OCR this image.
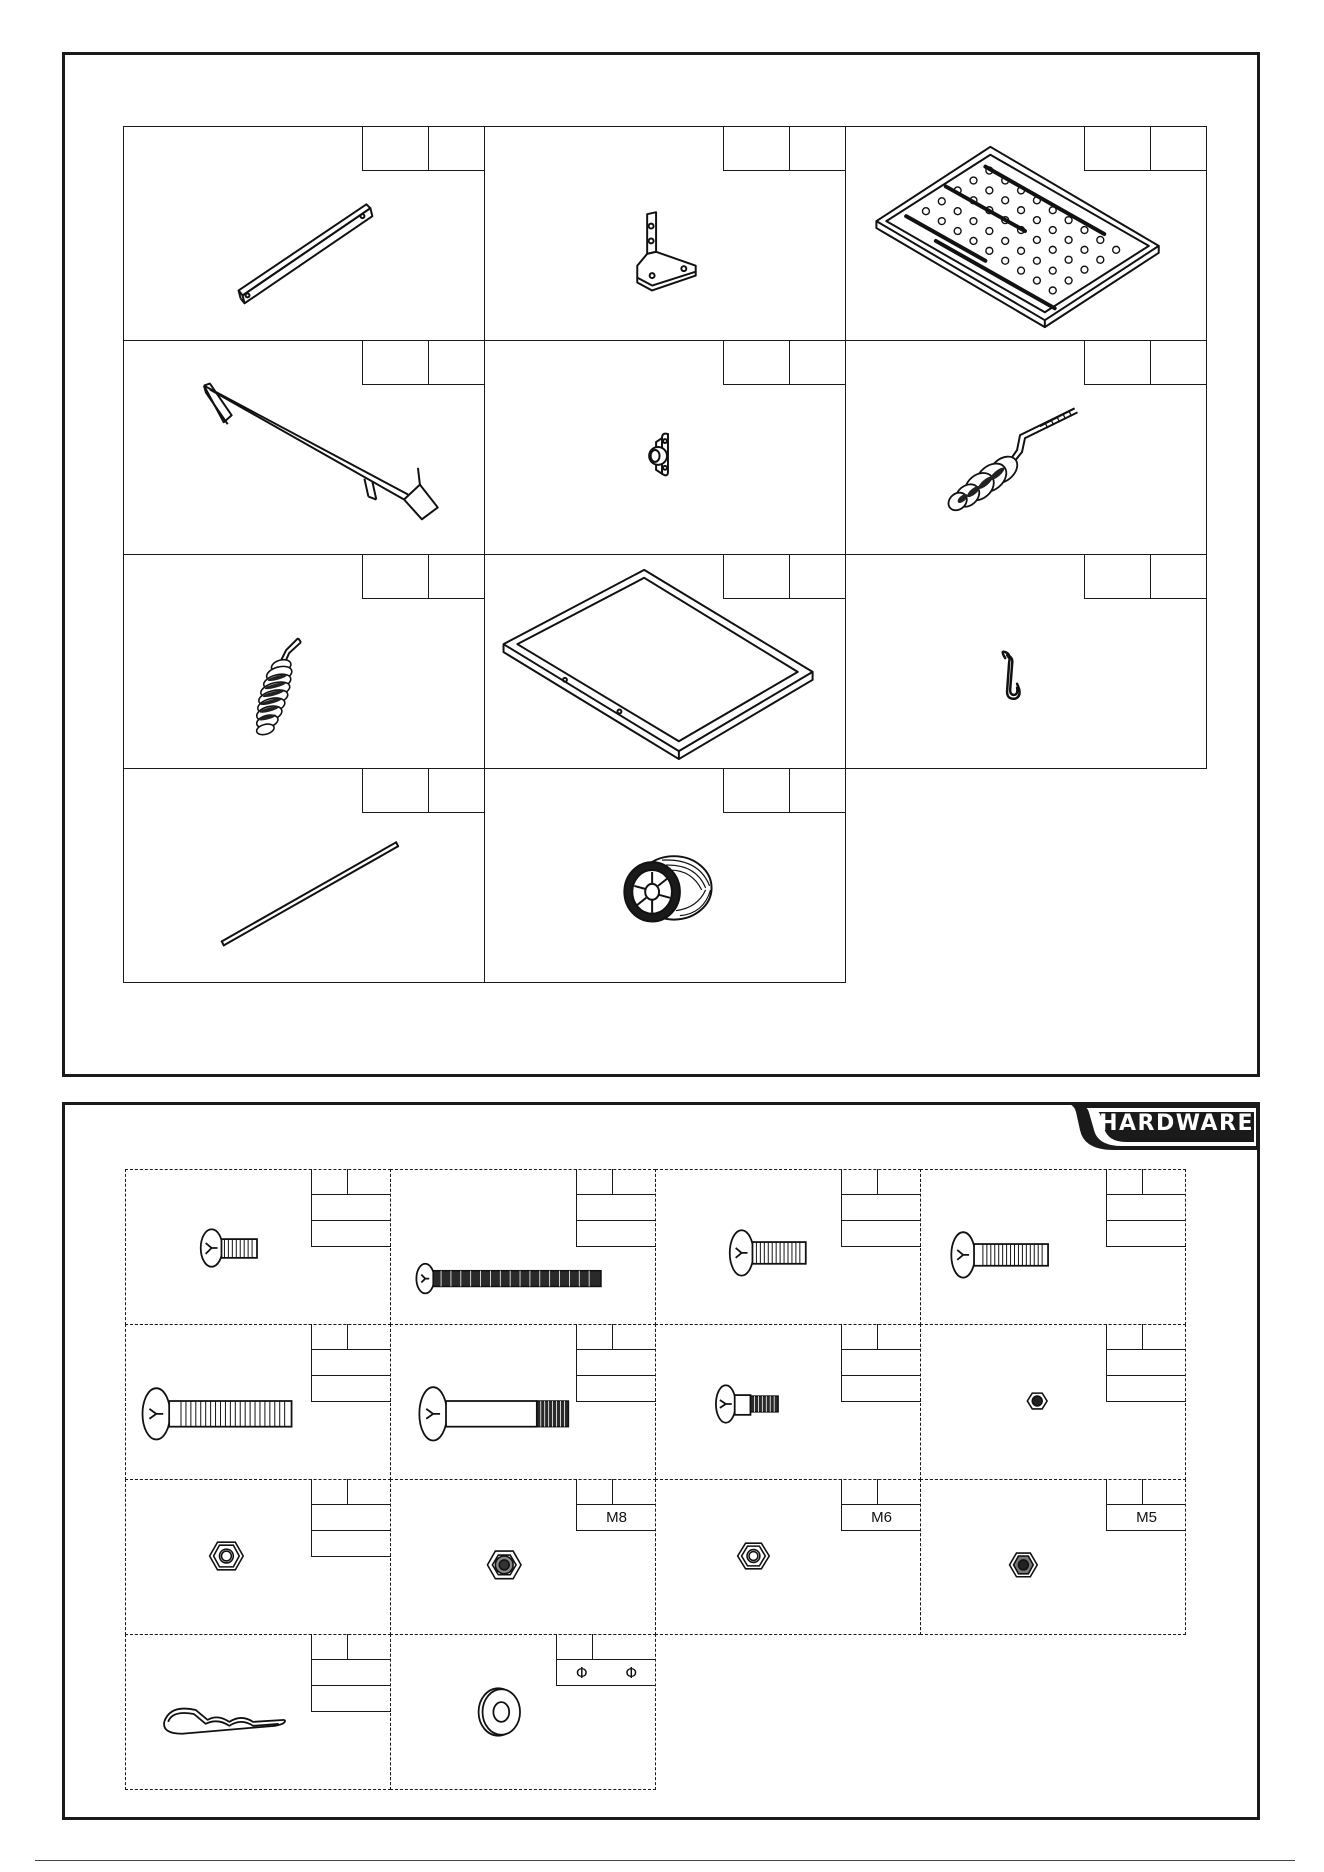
HARDWARE
M8	M6	M5
Φ	Φ
